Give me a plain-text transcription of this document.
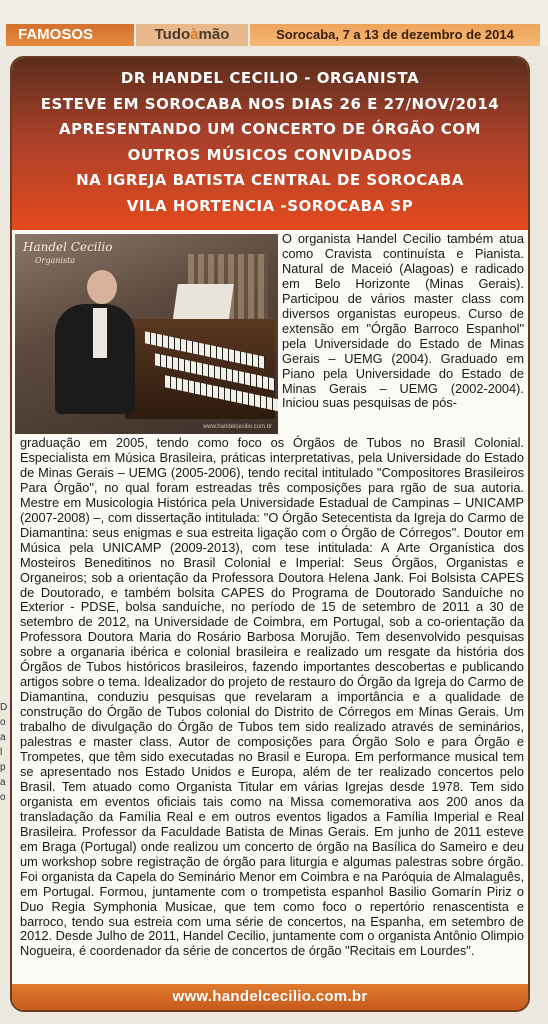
FAMOSOS	Tudoàmão	Sorocaba, 7 a 13 de dezembro de 2014
D
o
a
l
p
a
o
DR HANDEL CECILIO - ORGANISTA
ESTEVE EM SOROCABA NOS DIAS 26 E 27/NOV/2014
APRESENTANDO UM CONCERTO DE ÓRGÃO COM
OUTROS MÚSICOS CONVIDADOS
NA IGREJA BATISTA CENTRAL DE SOROCABA
VILA HORTENCIA -SOROCABA SP
Handel Cecilio
Organista
www.handelcecilio.com.br
O organista Handel Cecilio também atua como Cravista continuísta e Pianista. Natural de Maceió (Alagoas) e radicado em Belo Horizonte (Minas Gerais). Participou de vários master class com diversos organistas europeus. Curso de extensão em "Órgão Barroco Espanhol" pela Universidade do Estado de Minas Gerais – UEMG (2004). Graduado em Piano pela Universidade do Estado de Minas Gerais – UEMG (2002-2004). Iniciou suas pesquisas de pós-
graduação em 2005, tendo como foco os Órgãos de Tubos no Brasil Colonial. Especialista em Música Brasileira, práticas interpretativas, pela Universidade do Estado de Minas Gerais – UEMG (2005-2006), tendo recital intitulado "Compositores Brasileiros Para Órgão", no qual foram estreadas três composições para rgão de sua autoria. Mestre em Musicologia Histórica pela Universidade Estadual de Campinas – UNICAMP (2007-2008) –, com dissertação intitulada: "O Órgão Setecentista da Igreja do Carmo de Diamantina: seus enigmas e sua estreita ligação com o Órgão de Córregos". Doutor em Música pela UNICAMP (2009-2013), com tese intitulada: A Arte Organística dos Mosteiros Beneditinos no Brasil Colonial e Imperial: Seus Órgãos, Organistas e Organeiros; sob a orientação da Professora Doutora Helena Jank. Foi Bolsista CAPES de Doutorado, e também bolsita CAPES do Programa de Doutorado Sanduíche no Exterior - PDSE, bolsa sanduíche, no período de 15 de setembro de 2011 a 30 de setembro de 2012, na Universidade de Coimbra, em Portugal, sob a co-orientação da Professora Doutora Maria do Rosário Barbosa Morujão. Tem desenvolvido pesquisas sobre a organaria ibérica e colonial brasileira e realizado um resgate da história dos Órgãos de Tubos históricos brasileiros, fazendo importantes descobertas e publicando artigos sobre o tema. Idealizador do projeto de restauro do Órgão da Igreja do Carmo de Diamantina, conduziu pesquisas que revelaram a importância e a qualidade de construção do Órgão de Tubos colonial do Distrito de Córregos em Minas Gerais. Um trabalho de divulgação do Órgão de Tubos tem sido realizado através de seminários, palestras e master class. Autor de composições para Órgão Solo e para Órgão e Trompetes, que têm sido executadas no Brasil e Europa. Em performance musical tem se apresentado nos Estado Unidos e Europa, além de ter realizado concertos pelo Brasil. Tem atuado como Organista Titular em várias Igrejas desde 1978. Tem sido organista em eventos oficiais tais como na Missa comemorativa aos 200 anos da transladação da Família Real e em outros eventos ligados a Família Imperial e Real Brasileira. Professor da Faculdade Batista de Minas Gerais. Em junho de 2011 esteve em Braga (Portugal) onde realizou um concerto de órgão na Basílica do Sameiro e deu um workshop sobre registração de órgão para liturgia e algumas palestras sobre órgão. Foi organista da Capela do Seminário Menor em Coimbra e na Paróquia de Almalaguês, em Portugal. Formou, juntamente com o trompetista espanhol Basilio Gomarín Piriz o Duo Regia Symphonia Musicae, que tem como foco o repertório renascentista e barroco, tendo sua estreia com uma série de concertos, na Espanha, em setembro de 2012. Desde Julho de 2011, Handel Cecilio, juntamente com o organista Antônio Olimpio Nogueira, é coordenador da série de concertos de órgão "Recitais em Lourdes".
www.handelcecilio.com.br
